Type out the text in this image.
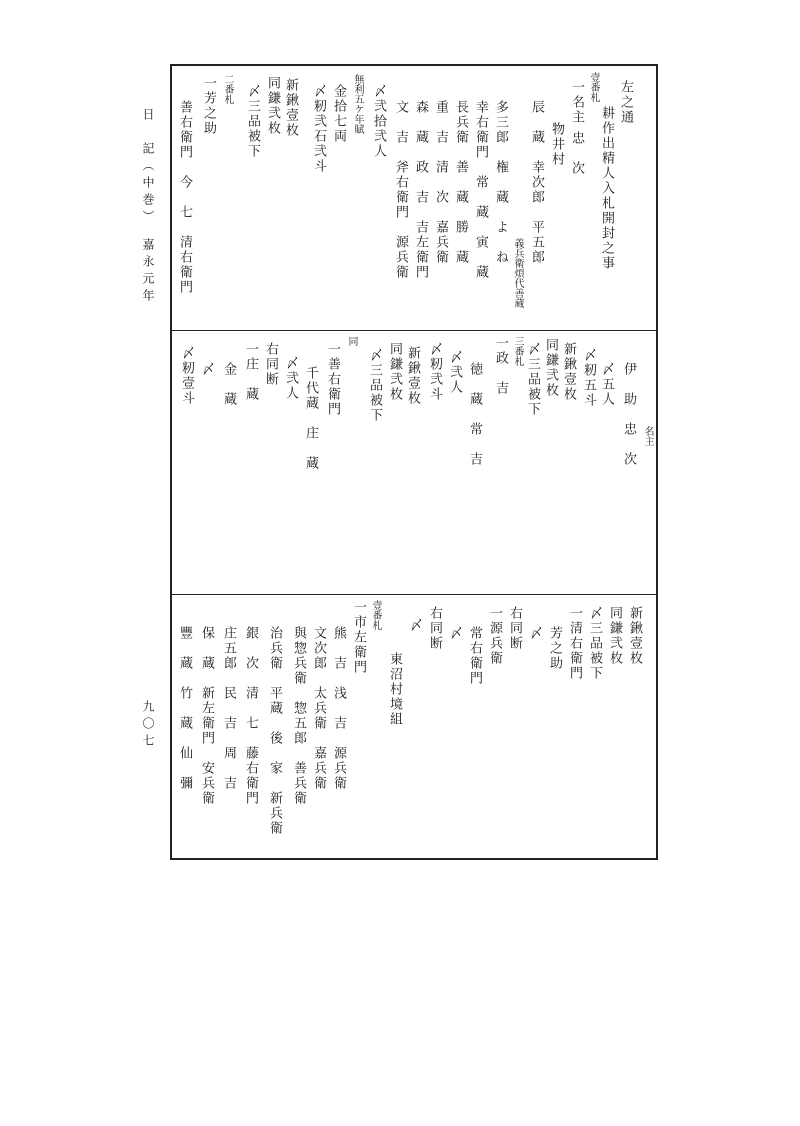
日　記（中巻）　嘉永元年
九〇七
左之通
耕作出精人入札開封之事
壹番札
一名主 忠　次
物井村
辰　蔵　幸次郎　平五郎
義兵衛煩代善蔵
多三郎　権　蔵　よ　ね
幸右衛門　常　蔵　寅　蔵
長兵衛　善　蔵　勝　蔵
重　吉　清　次　嘉兵衛
森　蔵　政　吉　吉左衛門
文　吉　斧右衛門　源兵衛
〆弐拾弐人
無利五ケ年賦
金拾七両
〆籾弐石弐斗
新鍬壹枚
同鎌弐枚
〆三品被下
二番札
一芳之助
善右衛門　今　七　清右衛門
名主
伊　助　忠　次
〆五人
〆籾五斗
新鍬壹枚
同鎌弐枚
〆三品被下
三番札
一政　吉
徳　蔵　常　吉
〆弐人
〆籾弐斗
新鍬壹枚
同鎌弐枚
〆三品被下
同
一善右衛門
千代蔵　庄　蔵
〆弐人
右同断
一庄　蔵
金　蔵
〆
〆籾壹斗
新鍬壹枚
同鎌弐枚
〆三品被下
一清右衛門
芳之助
〆
右同断
一源兵衛
常右衛門
〆
右同断
〆
東沼村境組
壹番札
一市左衛門
熊　吉　浅　吉　源兵衛
文次郎　太兵衛　嘉兵衛
與惣兵衛　惣五郎　善兵衛
治兵衛　平蔵　後　家　新兵衛
銀　次　清　七　藤右衛門
庄五郎　民　吉　周　吉
保　蔵　新左衛門　安兵衛
豐　蔵　竹　蔵　仙　彌
